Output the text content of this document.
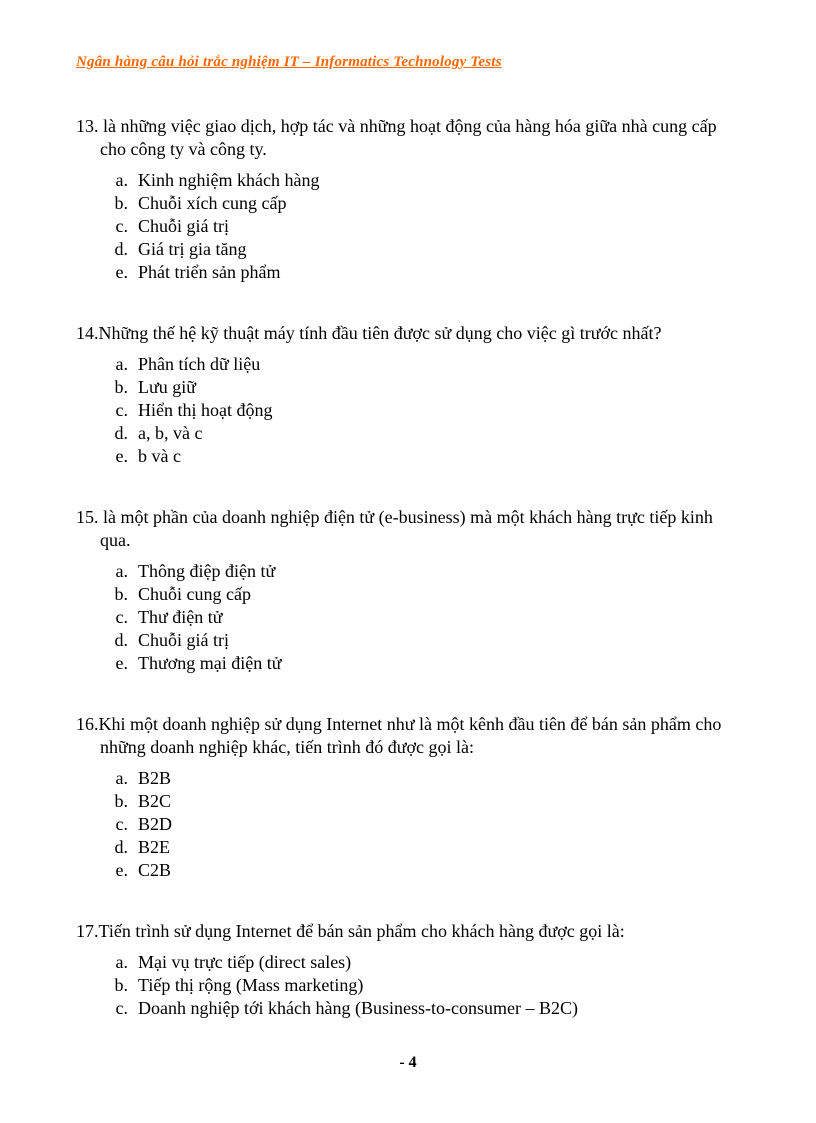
Ngân hàng câu hỏi trắc nghiệm IT – Informatics Technology Tests

13. là những việc giao dịch, hợp tác và những hoạt động của hàng hóa giữa nhà cung cấp cho công ty và công ty.

a. Kinh nghiệm khách hàng
b. Chuỗi xích cung cấp
c. Chuỗi giá trị
d. Giá trị gia tăng
e. Phát triển sản phẩm

14.Những thế hệ kỹ thuật máy tính đầu tiên được sử dụng cho việc gì trước nhất?

a. Phân tích dữ liệu
b. Lưu giữ
c. Hiển thị hoạt động
d. a, b, và c
e. b và c

15. là một phần của doanh nghiệp điện tử (e-business) mà một khách hàng trực tiếp kinh qua.

a. Thông điệp điện tử
b. Chuỗi cung cấp
c. Thư điện tử
d. Chuỗi giá trị
e. Thương mại điện tử

16.Khi một doanh nghiệp sử dụng Internet như là một kênh đầu tiên để bán sản phẩm cho những doanh nghiệp khác, tiến trình đó được gọi là:

a. B2B
b. B2C
c. B2D
d. B2E
e. C2B

17.Tiến trình sử dụng Internet để bán sản phẩm cho khách hàng được gọi là:

a. Mại vụ trực tiếp (direct sales)
b. Tiếp thị rộng (Mass marketing)
c. Doanh nghiệp tới khách hàng (Business-to-consumer – B2C)
- 4
